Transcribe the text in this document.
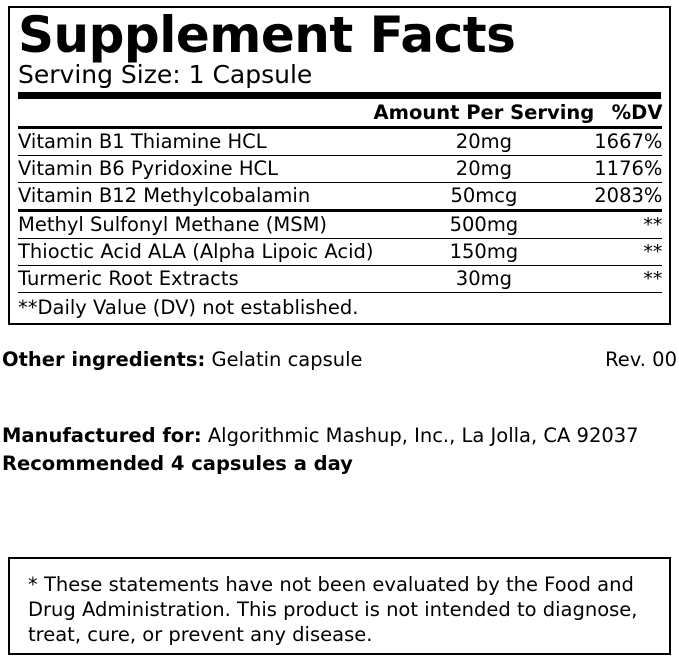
Supplement Facts
Serving Size: 1 Capsule
	Amount Per Serving	%DV
Vitamin B1 Thiamine HCL	20mg	1667%
Vitamin B6 Pyridoxine HCL	20mg	1176%
Vitamin B12 Methylcobalamin	50mcg	2083%
Methyl Sulfonyl Methane (MSM)	500mg	**
Thioctic Acid ALA (Alpha Lipoic Acid)	150mg	**
Turmeric Root Extracts	30mg	**
**Daily Value (DV) not established.
Other ingredients: Gelatin capsule	Rev. 00
Manufactured for: Algorithmic Mashup, Inc., La Jolla, CA 92037
Recommended 4 capsules a day
* These statements have not been evaluated by the Food and Drug Administration. This product is not intended to diagnose, treat, cure, or prevent any disease.
